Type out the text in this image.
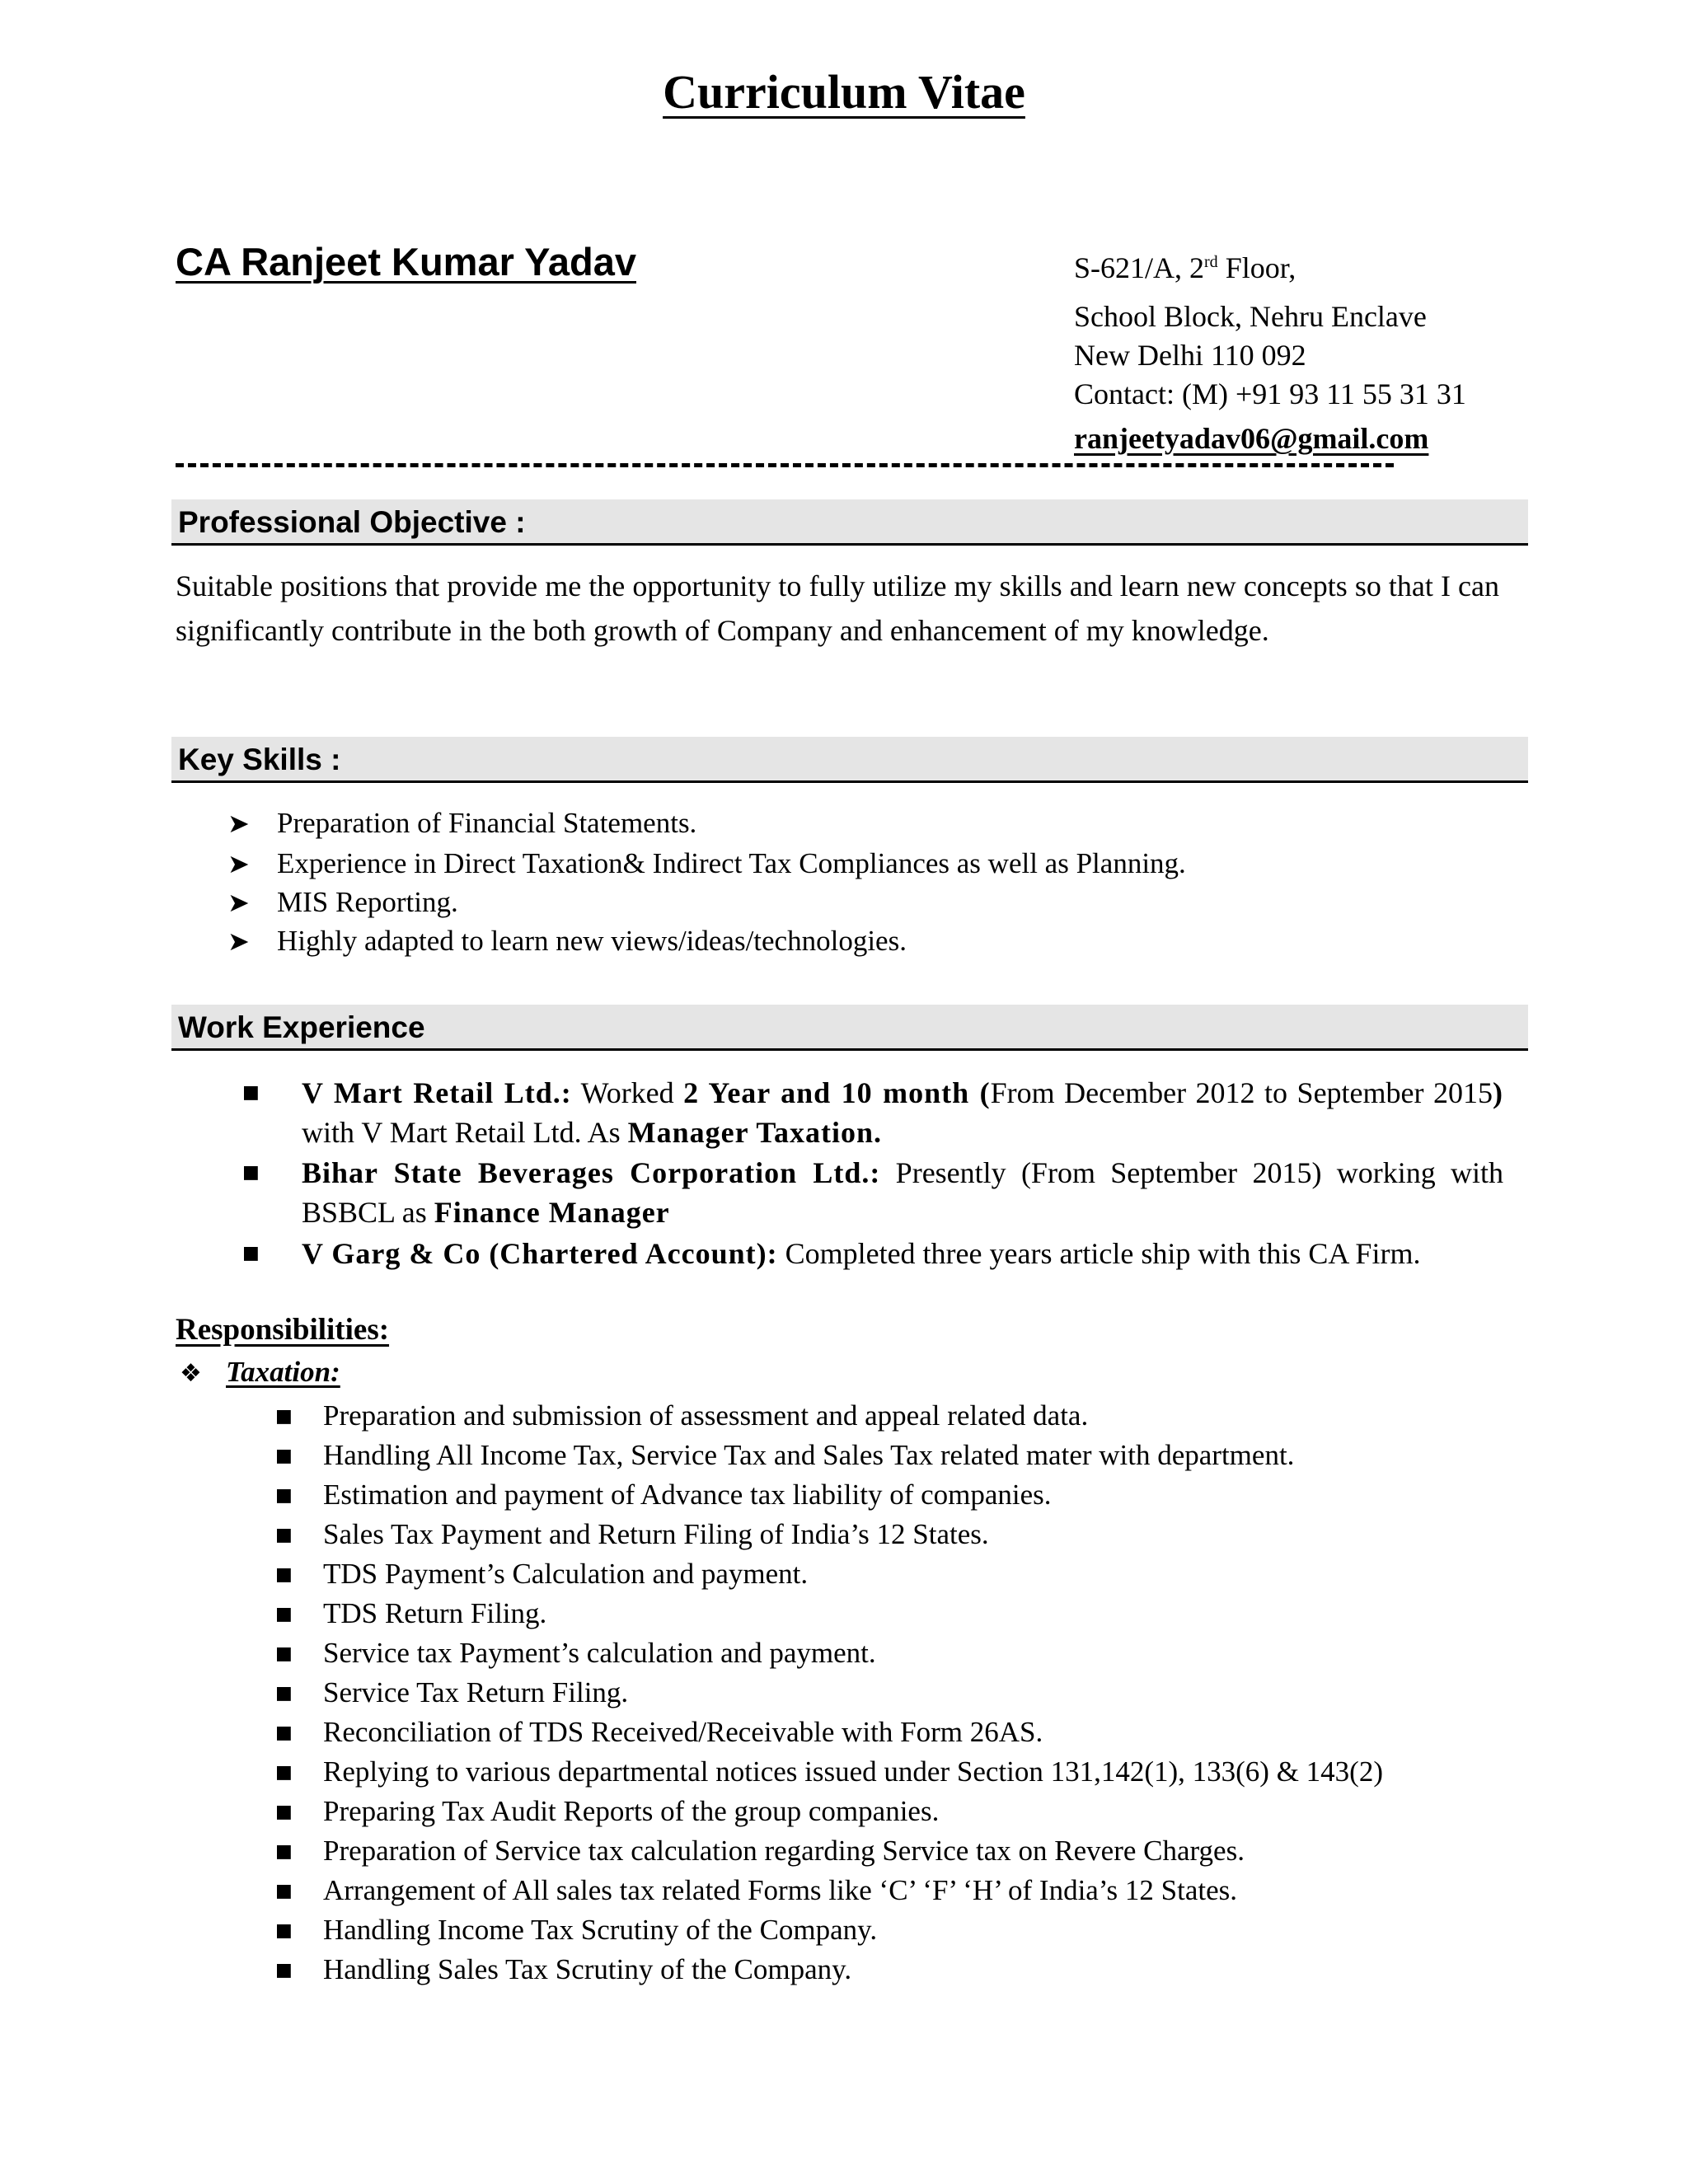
Curriculum Vitae
CA Ranjeet Kumar Yadav	S-621/A, 2rd Floor,
School Block, Nehru Enclave
New Delhi 110 092
Contact: (M) +91 93 11 55 31 31
ranjeetyadav06@gmail.com
Professional Objective :
Suitable positions that provide me the opportunity to fully utilize my skills and learn new concepts so that I can significantly contribute in the both growth of Company and enhancement of my knowledge.
Key Skills :
➤ Preparation of Financial Statements.
➤ Experience in Direct Taxation& Indirect Tax Compliances as well as Planning.
➤ MIS Reporting.
➤ Highly adapted to learn new views/ideas/technologies.
Work Experience
■ V Mart Retail Ltd.: Worked 2 Year and 10 month (From December 2012 to September 2015) with V Mart Retail Ltd. As Manager Taxation.
■ Bihar State Beverages Corporation Ltd.: Presently (From September 2015) working with BSBCL as Finance Manager
■ V Garg & Co (Chartered Account): Completed three years article ship with this CA Firm.
Responsibilities:
❖ Taxation:
■ Preparation and submission of assessment and appeal related data.
■ Handling All Income Tax, Service Tax and Sales Tax related mater with department.
■ Estimation and payment of Advance tax liability of companies.
■ Sales Tax Payment and Return Filing of India’s 12 States.
■ TDS Payment’s Calculation and payment.
■ TDS Return Filing.
■ Service tax Payment’s calculation and payment.
■ Service Tax Return Filing.
■ Reconciliation of TDS Received/Receivable with Form 26AS.
■ Replying to various departmental notices issued under Section 131,142(1), 133(6) & 143(2)
■ Preparing Tax Audit Reports of the group companies.
■ Preparation of Service tax calculation regarding Service tax on Revere Charges.
■ Arrangement of All sales tax related Forms like ‘C’ ‘F’ ‘H’ of India’s 12 States.
■ Handling Income Tax Scrutiny of the Company.
■ Handling Sales Tax Scrutiny of the Company.
